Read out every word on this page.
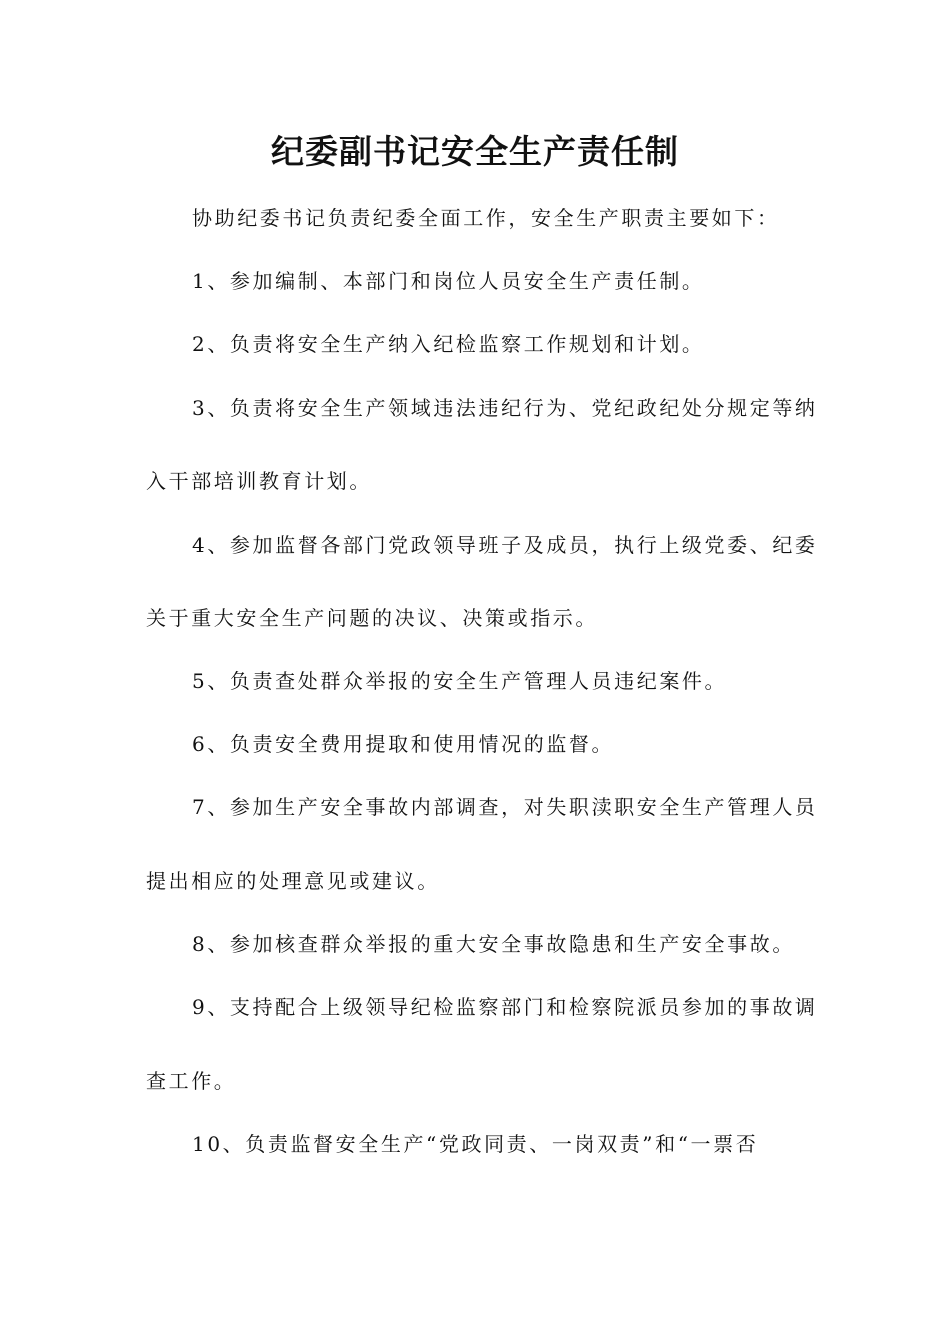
纪委副书记安全生产责任制

协助纪委书记负责纪委全面工作，安全生产职责主要如下：

1、参加编制、本部门和岗位人员安全生产责任制。

2、负责将安全生产纳入纪检监察工作规划和计划。

3、负责将安全生产领域违法违纪行为、党纪政纪处分规定等纳

入干部培训教育计划。

4、参加监督各部门党政领导班子及成员，执行上级党委、纪委

关于重大安全生产问题的决议、决策或指示。

5、负责查处群众举报的安全生产管理人员违纪案件。

6、负责安全费用提取和使用情况的监督。

7、参加生产安全事故内部调查，对失职渎职安全生产管理人员

提出相应的处理意见或建议。

8、参加核查群众举报的重大安全事故隐患和生产安全事故。

9、支持配合上级领导纪检监察部门和检察院派员参加的事故调

查工作。

10、负责监督安全生产“党政同责、一岗双责”和“一票否
